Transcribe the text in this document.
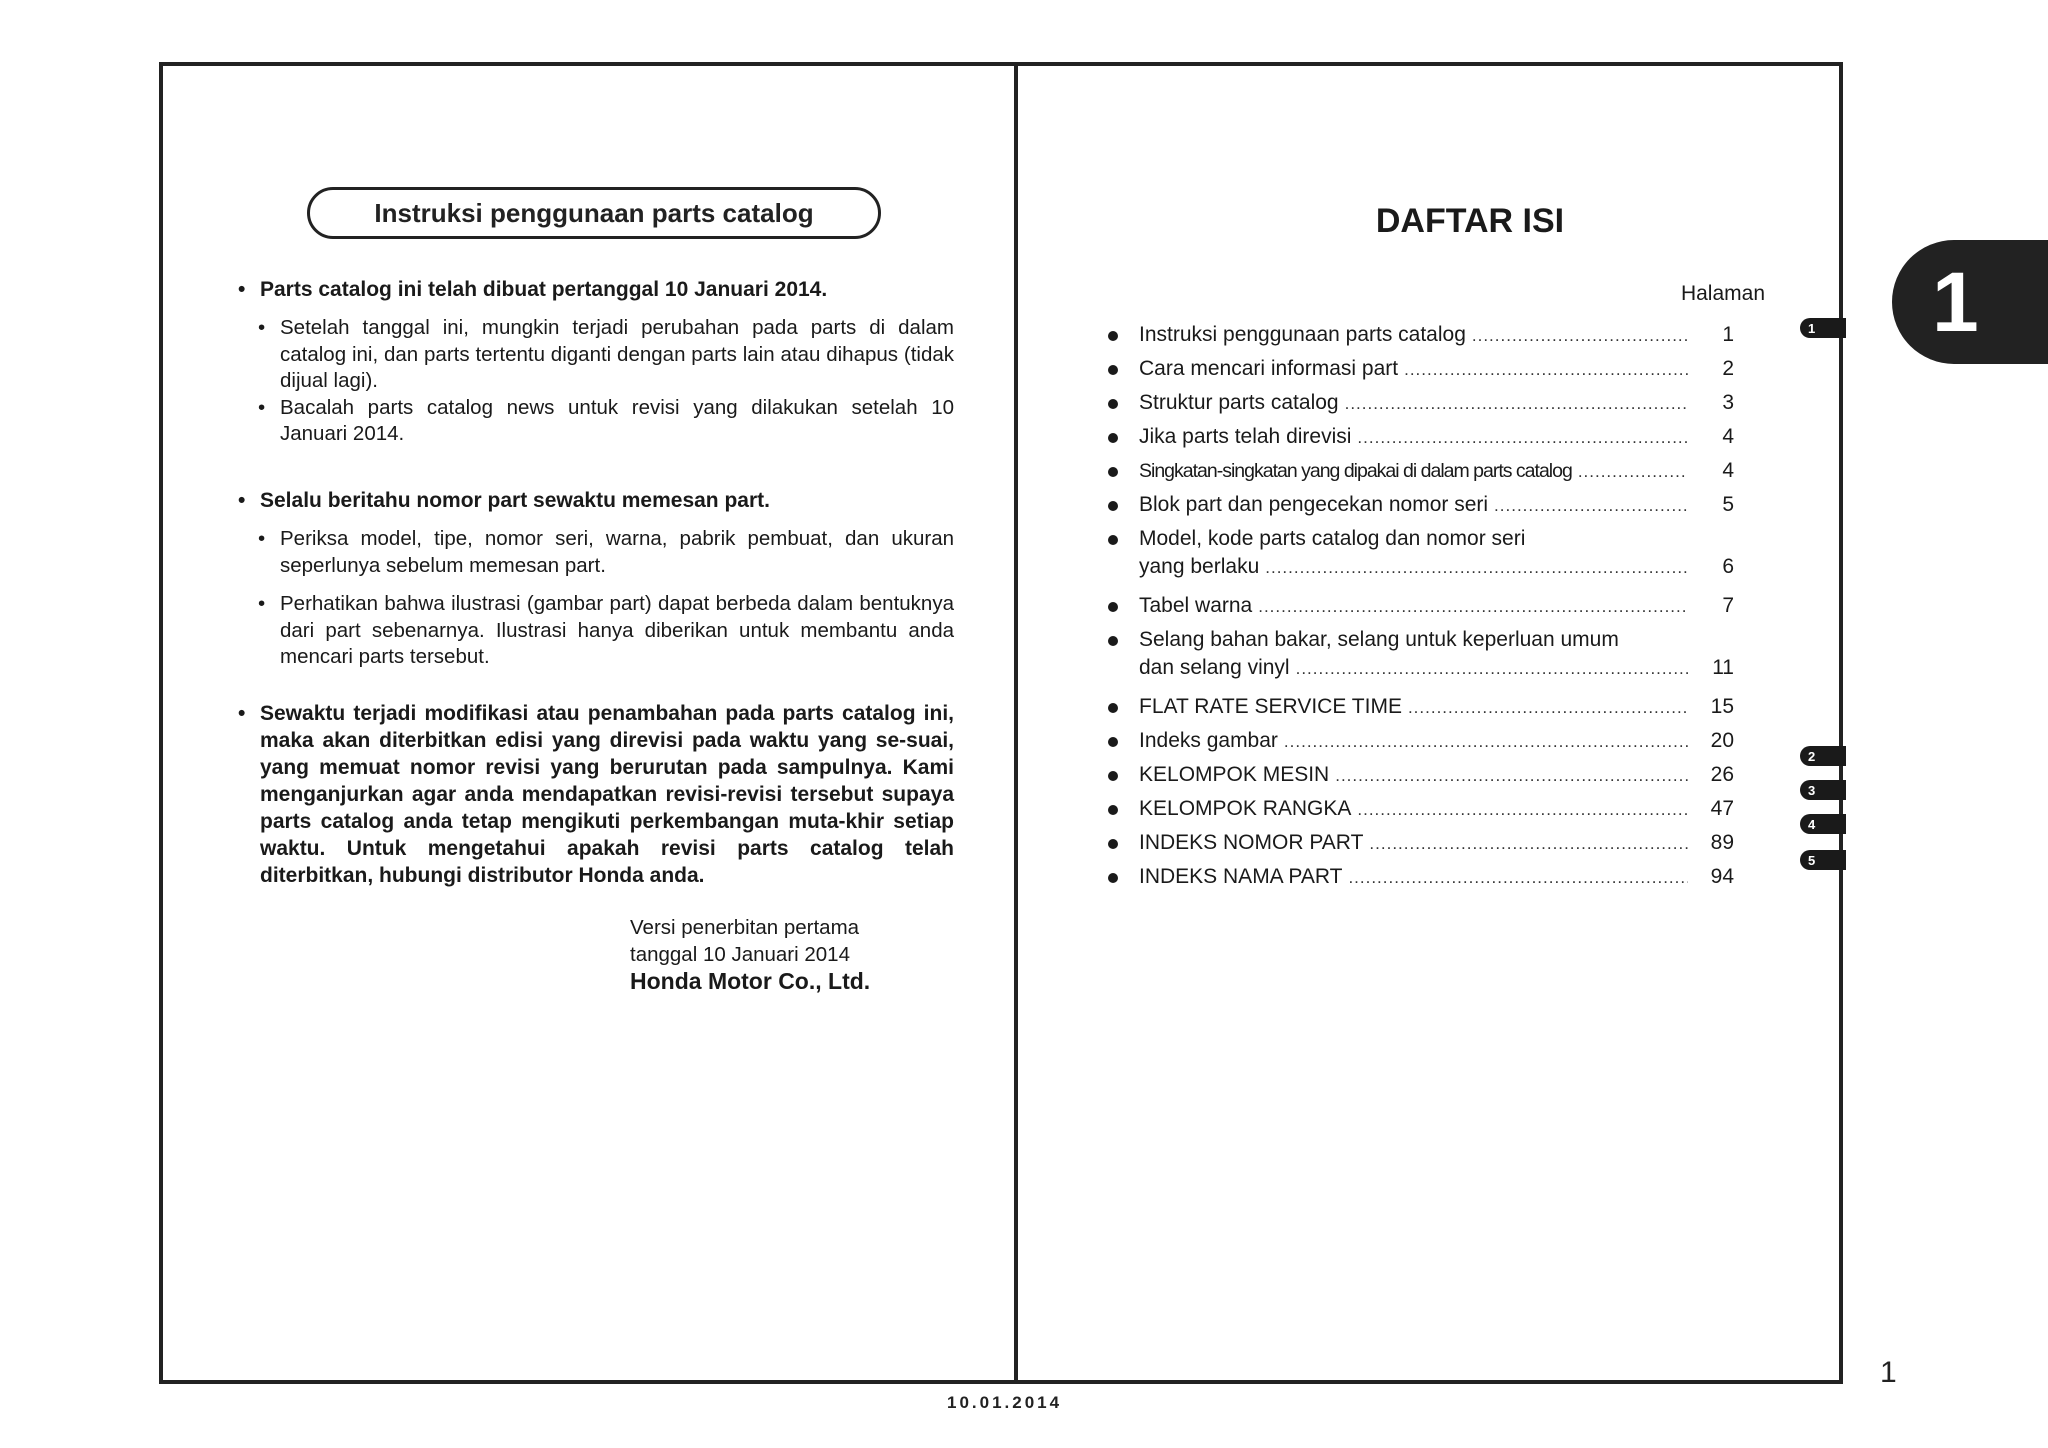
Instruksi penggunaan parts catalog

• Parts catalog ini telah dibuat pertanggal 10 Januari 2014.

• Setelah tanggal ini, mungkin terjadi perubahan pada parts di dalam catalog ini, dan parts tertentu diganti dengan parts lain atau dihapus (tidak dijual lagi).

• Bacalah parts catalog news untuk revisi yang dilakukan setelah 10 Januari 2014.

• Selalu beritahu nomor part sewaktu memesan part.

• Periksa model, tipe, nomor seri, warna, pabrik pembuat, dan ukuran seperlunya sebelum memesan part.

• Perhatikan bahwa ilustrasi (gambar part) dapat berbeda dalam bentuknya dari part sebenarnya. Ilustrasi hanya diberikan untuk membantu anda mencari parts tersebut.

• Sewaktu terjadi modifikasi atau penambahan pada parts catalog ini, maka akan diterbitkan edisi yang direvisi pada waktu yang se-suai, yang memuat nomor revisi yang berurutan pada sampulnya. Kami menganjurkan agar anda mendapatkan revisi-revisi tersebut supaya parts catalog anda tetap mengikuti perkembangan muta-khir setiap waktu. Untuk mengetahui apakah revisi parts catalog telah diterbitkan, hubungi distributor Honda anda.

Versi penerbitan pertama
tanggal 10 Januari 2014
Honda Motor Co., Ltd.
DAFTAR ISI
Halaman
Instruksi penggunaan parts catalog .....	1
Cara mencari informasi part .....	2
Struktur parts catalog .....	3
Jika parts telah direvisi .....	4
Singkatan-singkatan yang dipakai di dalam parts catalog .....	4
Blok part dan pengecekan nomor seri .....	5
Model, kode parts catalog dan nomor seri
yang berlaku .....	6
Tabel warna .....	7
Selang bahan bakar, selang untuk keperluan umum
dan selang vinyl .....	11
FLAT RATE SERVICE TIME .....	15
Indeks gambar .....	20
KELOMPOK MESIN .....	26
KELOMPOK RANGKA .....	47
INDEKS NOMOR PART .....	89
INDEKS NAMA PART .....	94
1
2
3
4
5
1
1
10.01.2014
